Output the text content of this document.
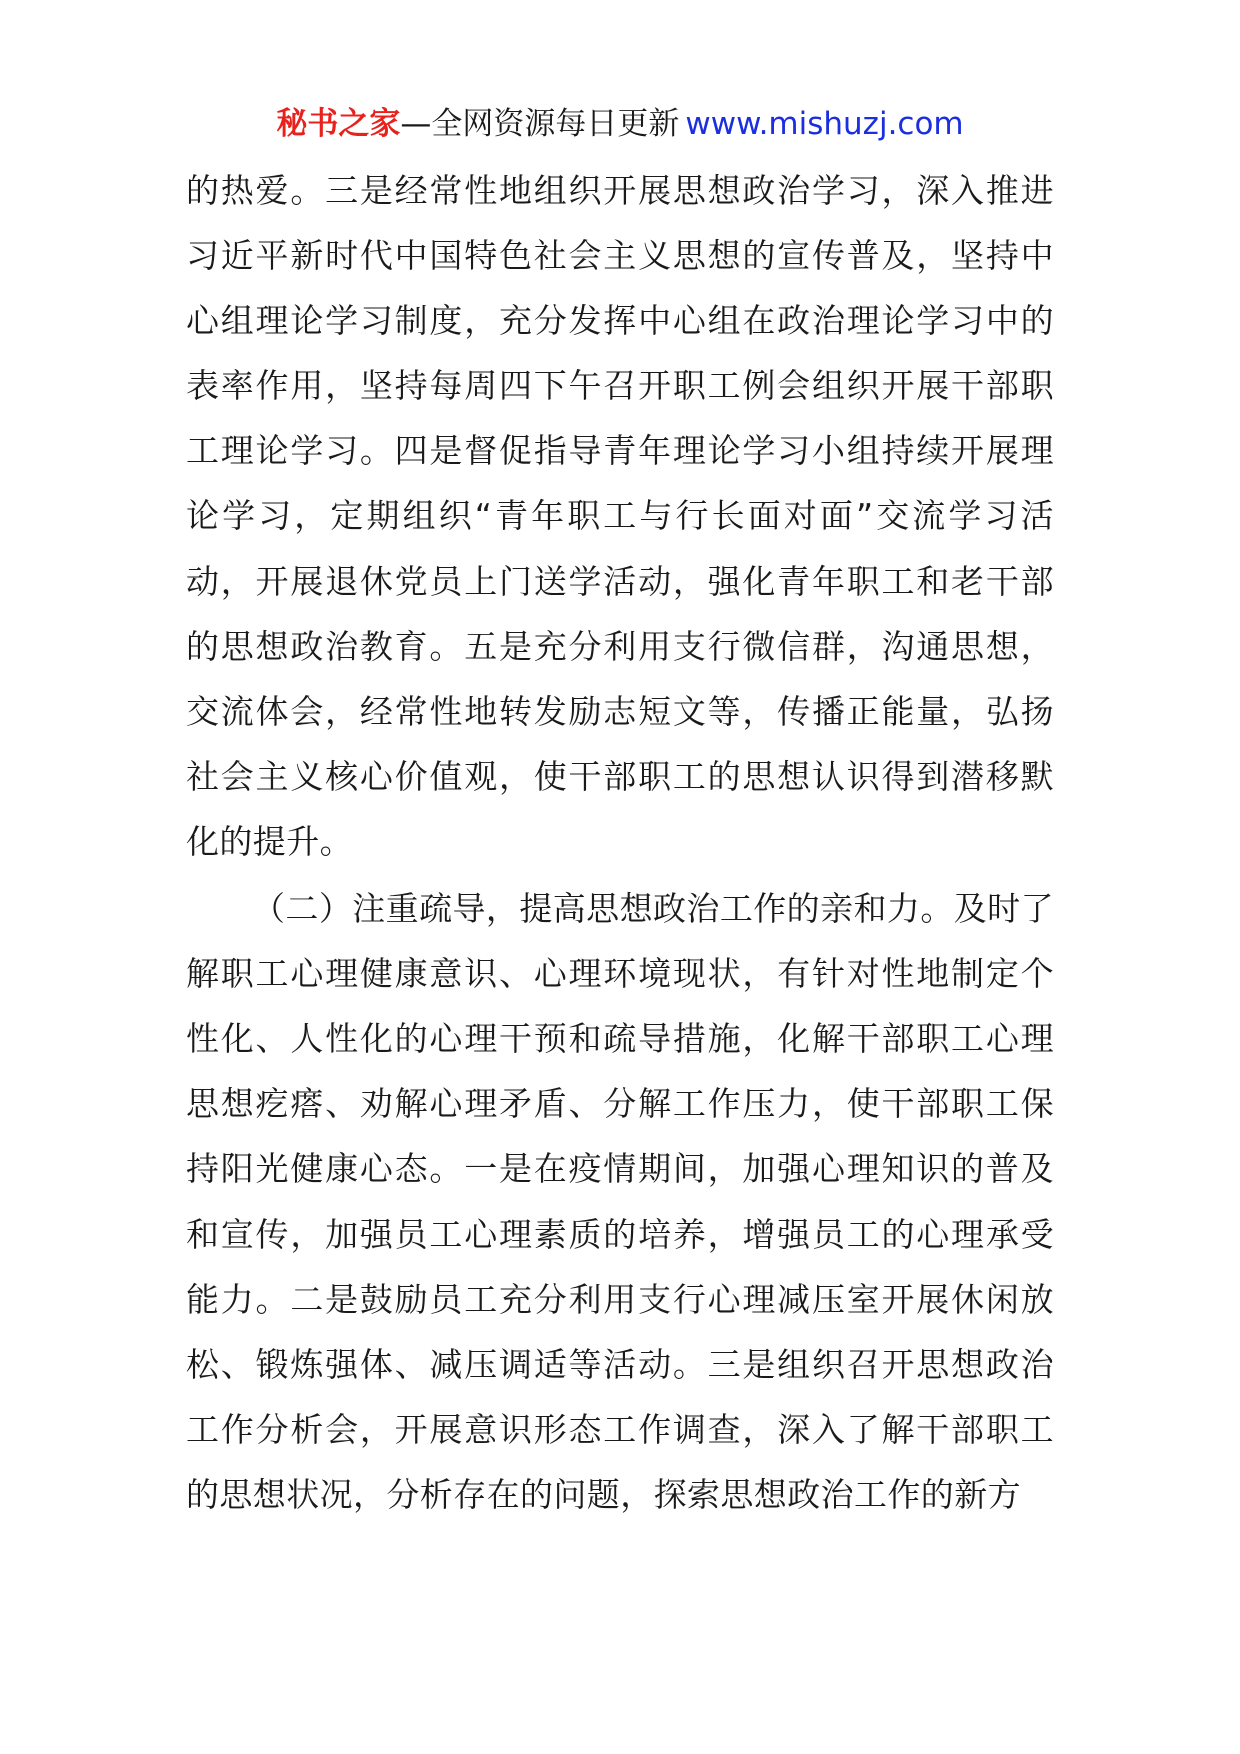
秘书之家—全网资源每日更新 www.mishuzj.com

的热爱。三是经常性地组织开展思想政治学习，深入推进习近平新时代中国特色社会主义思想的宣传普及，坚持中心组理论学习制度，充分发挥中心组在政治理论学习中的表率作用，坚持每周四下午召开职工例会组织开展干部职工理论学习。四是督促指导青年理论学习小组持续开展理论学习，定期组织“青年职工与行长面对面”交流学习活动，开展退休党员上门送学活动，强化青年职工和老干部的思想政治教育。五是充分利用支行微信群，沟通思想，交流体会，经常性地转发励志短文等，传播正能量，弘扬社会主义核心价值观，使干部职工的思想认识得到潜移默化的提升。

（二）注重疏导，提高思想政治工作的亲和力。及时了解职工心理健康意识、心理环境现状，有针对性地制定个性化、人性化的心理干预和疏导措施，化解干部职工心理思想疙瘩、劝解心理矛盾、分解工作压力，使干部职工保持阳光健康心态。一是在疫情期间，加强心理知识的普及和宣传，加强员工心理素质的培养，增强员工的心理承受能力。二是鼓励员工充分利用支行心理减压室开展休闲放松、锻炼强体、减压调适等活动。三是组织召开思想政治工作分析会，开展意识形态工作调查，深入了解干部职工的思想状况，分析存在的问题，探索思想政治工作的新方
